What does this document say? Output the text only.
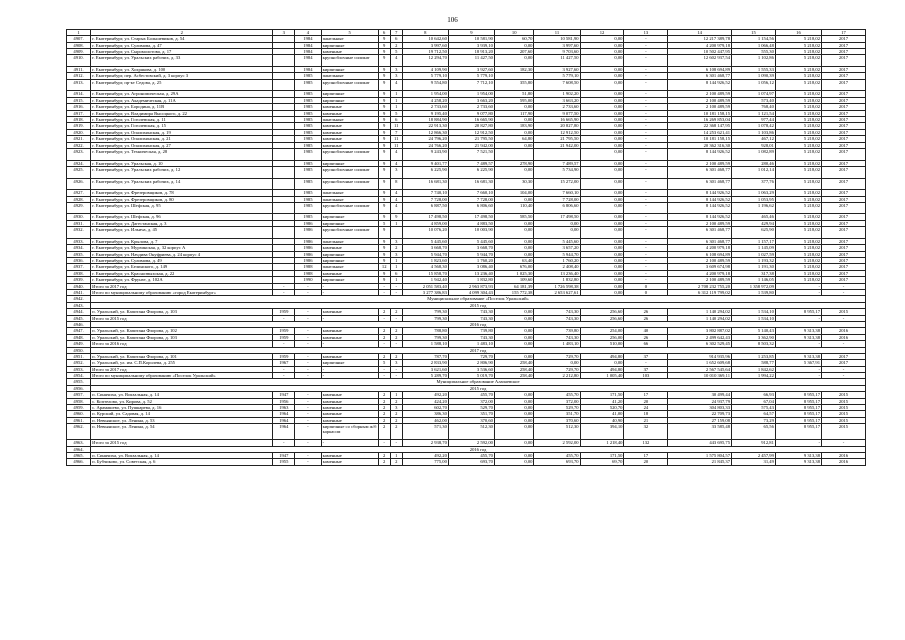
106
1	2	3	4	5	6	7	8	9	10	11	12	13	14	15	16	17
4907.	г. Екатеринбург, ул. Старых Большевиков, д. 54		1984	панельные	9	6	10 642,60	10 581,90	60,70	10 581,90	0,00	-	12 217 389,78	1 154,56	5 218,02	2017
4908.	г. Екатеринбург, ул. Сулимова, д. 47		1984	кирпичные	9	2	3 997,60	3 939,10	0,00	3 997,60	0,00	-	4 200 979,18	1 066,48	5 218,02	2017
4909.	г. Екатеринбург, ул. Сыромолотова, д. 17		1984	каменные	9	5	19 712,50	18 913,20	207,60	9 703,60	0,00	-	10 502 447,95	555,30	5 218,02	2017
4910.	г. Екатеринбург, ул. Уральских рабочих, д. 33		1984	крупноблочные силикат	9	4	12 294,70	11 427,50	0,00	11 427,50	0,00	-	12 602 937,54	1 102,86	5 218,02	2017
4911.	г. Екатеринбург, ул. Хохрякова, д. 100		1984	кирпичные	9	3	4 109,90	3 927,60	182,30	3 927,60	0,00	-	6 108 694,89	1 555,33	5 218,02	2017
4912.	г. Екатеринбург, пер. Асбестовский, д. 3 корпус 3		1985	панельные	9	3	5 779,10	5 779,10		5 779,10	0,00	-	6 301 468,77	1 090,39	5 218,02	2017
4913.	г. Екатеринбург, пр-кт Седова, д. 25		1985	крупноблочные силикат	9	4	9 554,80	7 712,10	355,80	7 608,50	0,00	-	8 144 926,52	1 056,12	5 218,02	2017
4914.	г. Екатеринбург, ул. Агрономическая, д. 29А		1985	кирпичные	9	1	1 954,00	1 954,00	51,80	1 902,20	0,00	-	2 100 489,59	1 074,97	5 218,02	2017
4915.	г. Екатеринбург, ул. Академическая, д. 11А		1985	кирпичные	9	1	4 258,20	3 663,20	595,00	3 663,20	0,00	-	2 100 489,59	573,40	5 218,02	2017
4916.	г. Екатеринбург, ул. Бородина, д. 11В		1985	каменные	9	1	2 733,60	2 733,60	0,00	2 733,60	0,00	-	2 100 489,59	768,40	5 218,02	2017
4917.	г. Екатеринбург, ул. Владимира Высоцкого, д. 22		1985	каменные	9	5	9 195,40	9 077,80	117,90	9 077,50	0,00	-	10 181 158,15	1 121,54	5 218,02	2017
4918.	г. Екатеринбург, ул. Гоголевская, д. 11		1985	панельные	9	6	18 884,90	16 665,90	0,00	16 665,90	0,00	-	16 269 853,04	977,44	5 218,02	2017
4919.	г. Екатеринбург, ул. Гоголевская, д. 15		1985	каменные	9	11	22 913,30	20 827,80	183,90	20 827,80	0,00	-	22 368 147,95	1 078,42	5 218,02	2017
4920.	г. Екатеринбург, ул. Опалихинская, д. 19		1985	каменные	9	7	12 866,30	12 912,50	0,00	12 912,50	0,00	-	14 253 621,41	1 103,86	5 218,02	2017
4921.	г. Екатеринбург, ул. Опалихинская, д. 21		1985	каменные	9	11	24 796,20	21 795,50	64,80	21 795,50	0,00	-	10 181 158,15	467,12	5 218,02	2017
4922.	г. Екатеринбург, ул. Опалихинская, д. 27		1985	каменные	9	11	24 766,20	21 942,00	0,00	21 942,00	0,00	-	20 362 316,30	928,01	5 218,02	2017
4923.	г. Екатеринбург, ул. Техническая, д. 28		1985	крупноблочные силикат	9	4	9 243,90	7 521,50			0,00	-	8 144 926,52	1 082,89	5 218,02	2017
4924.	г. Екатеринбург, ул. Уральская, д. 10		1985	кирпичные	9	4	9 401,77	7 489,57	278,90	7 489,57	0,00	-	2 100 489,59	280,46	5 218,02	2017
4925.	г. Екатеринбург, ул. Уральских рабочих, д. 12		1985	крупноблочные силикат	9	3	6 225,90	6 225,90	0,00	5 734,90	0,00	-	6 301 468,77	1 012,14	5 218,02	2017
4926.	г. Екатеринбург, ул. Уральских рабочих, д. 14		1985	крупноблочные силикат	9	8	16 681,30	16 681,30	30,30	15 272,00	0,00	-	6 301 468,77	377,76	5 218,02	2017
4927.	г. Екатеринбург, ул. Фрезеровщиков, д. 78		1985	панельные	9	4	7 740,10	7 660,10	104,00	7 660,10	0,00	-	8 144 926,52	1 063,29	5 218,02	2017
4928.	г. Екатеринбург, ул. Фрезеровщиков, д. 80		1985	панельные	9	4	7 728,00	7 728,00	0,00	7 728,00	0,00	-	8 144 926,52	1 053,95	5 218,02	2017
4929.	г. Екатеринбург, ул. Шефская, д. 95		1985	крупноблочные силикат	9	4	6 887,50	6 806,60	110,40	6 806,60	0,00	-	8 144 926,52	1 196,62	5 218,02	2017
4930.	г. Екатеринбург, ул. Шефская, д. 96		1985	кирпичные	9	9	17 498,50	17 498,50	585,50	17 498,50	0,00	-	8 144 926,52	465,46	5 218,02	2017
4931.	г. Екатеринбург, ул. Дагестанская, д. 3		1986	кирпичные	5	1	4 859,00	4 883,50	0,00	0,00	0,00	-	2 100 489,59	429,94	5 218,02	2017
4932.	г. Екатеринбург, ул. Ильича, д. 45		1986	крупноблочные силикат	9		10 076,20	10 003,90	0,00	0,00	0,00	-	6 301 468,77	625,90	5 218,02	2017
4933.	г. Екатеринбург, ул. Крылова, д. 7		1986	панельные	9	3	5 445,60	5 445,60	0,00	5 445,60	0,00	-	6 301 468,77	1 157,17	5 218,02	2017
4934.	г. Екатеринбург, ул. Мурзинская, д. 32 корпус А		1986	каменные	9	2	3 668,70	3 668,70	0,00	3 657,20	0,00	-	4 200 979,18	1 145,09	5 218,02	2017
4935.	г. Екатеринбург, ул. Начдива Онуфриева, д. 24 корпус 4		1986	кирпичные	9	3	5 944,70	5 944,70	0,00	5 944,70	0,00	-	6 108 694,89	1 027,59	5 218,02	2017
4936.	г. Екатеринбург, ул. Сулимова, д. 49		1986	кирпичные	9	1	1 823,60	1 760,20	63,40	1 760,20	0,00	-	2 100 489,59	1 193,32	5 218,02	2017
4937.	г. Екатеринбург, ул. Белинского, д. 149		1988	панельные	12	1	4 568,30	3 086,40	676,00	2 408,40	0,00	-	3 609 674,98	1 191,30	5 218,02	2017
4938.	г. Екатеринбург, ул. Краснозвыхская, д. 22		1988	каменные	9	6	15 858,70	13 236,40	1 025,30	13 236,40	0,00	-	4 200 979,18	317,38	5 218,02	2017
4939.	г. Екатеринбург, ул. Фрунзе, д. 102А		1990	кирпичные	9	1	1 942,40	1 832,80	109,60	1 832,80	0,00	-	2 100 489,59	1 146,05	5 218,02	2017
4940.	Итого за 2017 год	-	-	-	-	-	2 051 583,40	2 963 873,93	64 181,39	1 726 598,38	0,00	0	2 708 232 755,20	1 358 972,09	-	-
4941.	Итого по муниципальному образованию «город Екатеринбург»	-	-	-	-	-	3 277 386,83	4 099 304,43	155 772,38	2 653 627,61	0,00	0	6 312 119 799,02	1 539,80	-	-
4942.	Муниципальное образование «Поселок Уральский»															
4943.	2015 год															
4944.	п. Уральский, ул. Капитана Флорова, д. 103	1959	-	каменные	2	2	799,30	743,30	0,00	743,30	256,60	26	1 140 294,02	1 534,10	8 955,17	2015
4945.	Итого за 2015 год	-	-	-	-	-	799,30	743,30	0,00	743,30	256,60	26	1 140 294,02	1 534,10	-	-
4946.	2016 год															
4947.	п. Уральский, ул. Капитана Флорова, д. 102	1959	-	каменные	2	2	788,80	739,80	0,00	739,80	254,00	40	3 802 887,02	5 140,43	9 313,38	2016
4948.	п. Уральский, ул. Капитана Флорова, д. 103	1959	-	каменные	2	2	799,30	743,30	0,00	743,30	256,00	26	2 499 642,43	3 362,90	9 313,38	2016
4949.	Итого за 2016 год	-	-	-	-	-	1 588,10	1 483,10	0,00	1 483,10	510,00	66	6 302 529,45	8 503,32	-	-
4950.	2017 год															
4951.	п. Уральский, ул. Капитана Флорова, д. 101	1959	-	каменные	2	2	787,70	729,70	0,00	729,70	494,80	37	914 935,96	1 253,85	9 313,38	2017
4952.	п. Уральский, ул. им. С.П.Королева, д. 255	1967	-	кирпичные	5	3	2 833,90	2 806,90	258,40	0,00	0,00	-	1 652 609,68	588,77	5 367,91	2017
4953.	Итого за 2017 год	-	-	-	-	-	3 621,60	3 536,60	258,40	729,70	494,80	37	2 567 545,64	1 842,62	-	-
4954.	Итого по муниципальному образованию «Поселок Уральский»	-	-	-	-	-	5 289,70	5 019,70	258,40	2 212,80	1 005,40	103	10 010 369,11	1 994,22	-	-
4955.	Муниципальное образование Алапаевское															
4956.	2015 год															
4957.	п. Синячиха, ул. Вокзальная, д. 14	1947	-	каменные	2	1	492,20	455,70	0,00	455,70	171,50	17	30 499,44	66,93	8 955,17	2015
4958.	с. Коптелово, ул. Кирова, д. 52	1956	-	каменные	2	2	424,20	372,00	0,00	372,00	41,20	20	24 937,79	67,04	8 955,17	2015
4959.	с. Арамашево, ул. Пушкарева, д. 16	1963	-	каменные	2	3	602,70	529,70	0,00	529,70	520,70	24	304 803,33	575,43	8 955,17	2015
4960.	п. Курский, ул. Садовая, д. 14	1964	-	каменные	2	2	386,30	351,70	0,00	351,70	41,00	18	22 709,73	64,57	8 955,17	2015
4961.	п. Невьянское, ул. Ленина, д. 53	1964	-	каменные	2	2	462,00	370,60	0,00	370,60	40,90	21	27 159,08	73,29	8 955,17	2015
4962.	п. Невьянское, ул. Ленина, д. 54	1964	-	кирпичные со сборным ж/б каркасом	2	2	571,30	512,30	0,00	512,30	394,10	32	33 585,48	65,56	8 955,17	2015
4963.	Итого за 2015 год	-	-	-	-	-	2 938,70	2 592,00	0,00	2 592,00	1 218,40	132	443 695,75	912,81	-	-
4964.	2016 год															
4965.	п. Синячиха, ул. Вокзальная, д. 14	1947	-	каменные	2	1	492,20	455,70	0,00	455,70	171,50	17	1 575 804,57	2 457,99	9 313,38	2016
4966.	п. Бубчиково, ул. Советская, д. 6	1955	-	каменные	2	2	775,00	693,70	0,00	693,70	69,70	20	21 845,37	31,49	9 313,38	2016
